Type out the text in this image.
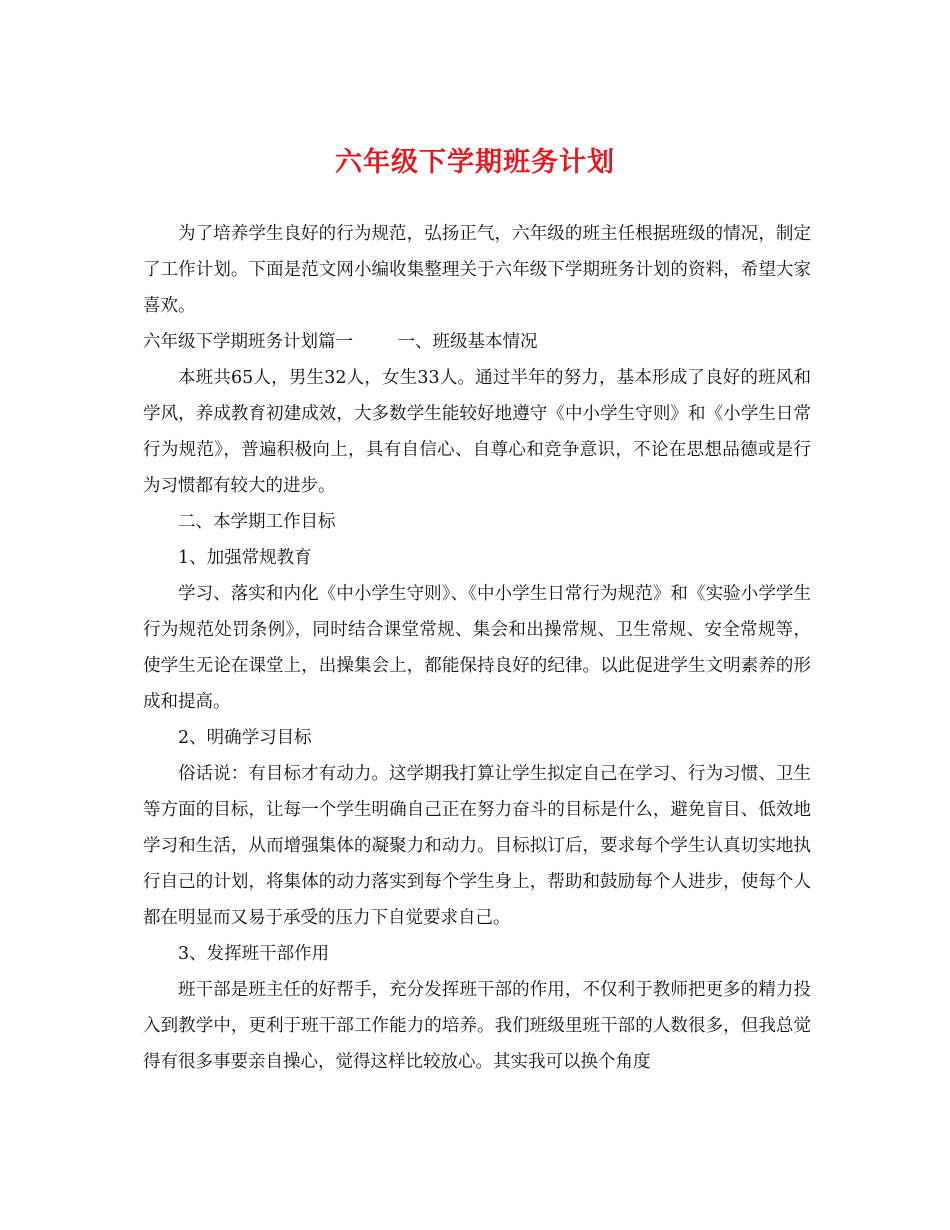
六年级下学期班务计划

为了培养学生良好的行为规范，弘扬正气，六年级的班主任根据班级的情况，制定了工作计划。下面是范文网小编收集整理关于六年级下学期班务计划的资料，希望大家喜欢。

六年级下学期班务计划篇一        一、班级基本情况

本班共65人，男生32人，女生33人。通过半年的努力，基本形成了良好的班风和学风，养成教育初建成效，大多数学生能较好地遵守《中小学生守则》和《小学生日常行为规范》，普遍积极向上，具有自信心、自尊心和竞争意识，不论在思想品德或是行为习惯都有较大的进步。

二、本学期工作目标

1、加强常规教育

学习、落实和内化《中小学生守则》、《中小学生日常行为规范》和《实验小学学生行为规范处罚条例》，同时结合课堂常规、集会和出操常规、卫生常规、安全常规等，使学生无论在课堂上，出操集会上，都能保持良好的纪律。以此促进学生文明素养的形成和提高。

2、明确学习目标

俗话说：有目标才有动力。这学期我打算让学生拟定自己在学习、行为习惯、卫生等方面的目标，让每一个学生明确自己正在努力奋斗的目标是什么，避免盲目、低效地学习和生活，从而增强集体的凝聚力和动力。目标拟订后，要求每个学生认真切实地执行自己的计划，将集体的动力落实到每个学生身上，帮助和鼓励每个人进步，使每个人都在明显而又易于承受的压力下自觉要求自己。

3、发挥班干部作用

班干部是班主任的好帮手，充分发挥班干部的作用，不仅利于教师把更多的精力投入到教学中，更利于班干部工作能力的培养。我们班级里班干部的人数很多，但我总觉得有很多事要亲自操心，觉得这样比较放心。其实我可以换个角度
